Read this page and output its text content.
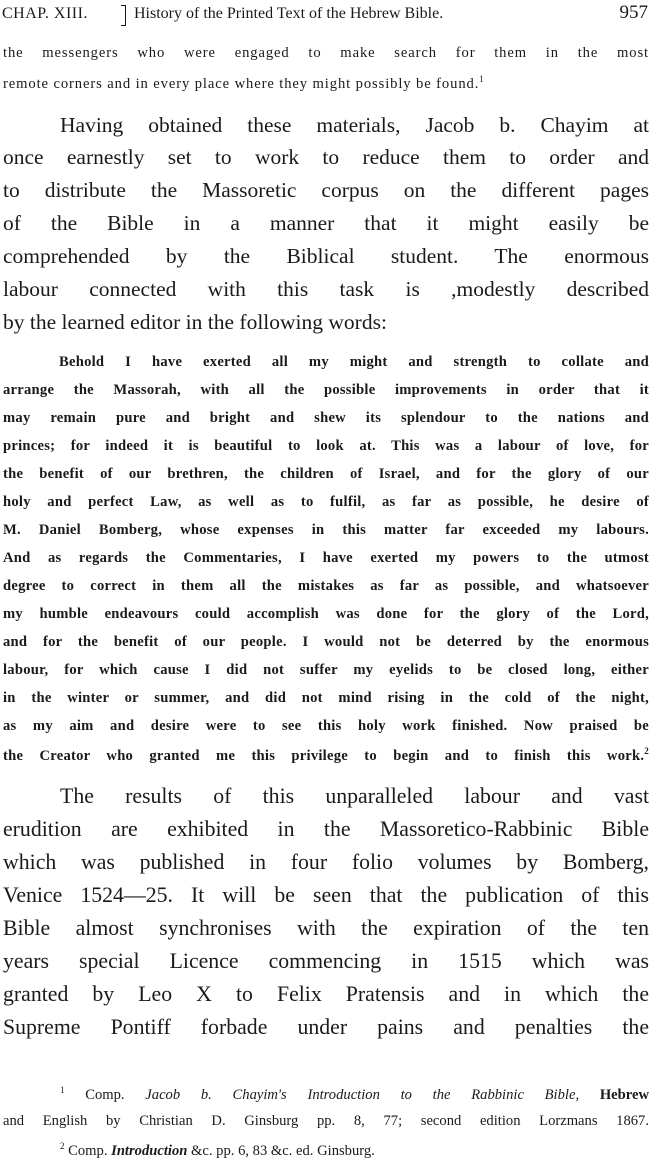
CHAP. XIII.	History of the Printed Text of the Hebrew Bible.	957
the messengers who were engaged to make search for them in the most
remote corners and in every place where they might possibly be found.$^1$
Having obtained these materials, Jacob b. Chayim at
once earnestly set to work to reduce them to order and
to distribute the Massoretic corpus on the different pages
of the Bible in a manner that it might easily be
comprehended by the Biblical student. The enormous
labour connected with this task is ,modestly described
by the learned editor in the following words:
Behold I have exerted all my might and strength to collate and
arrange the Massorah, with all the possible improvements in order that it
may remain pure and bright and shew its splendour to the nations and
princes; for indeed it is beautiful to look at. This was a labour of love, for
the benefit of our brethren, the children of Israel, and for the glory of our
holy and perfect Law, as well as to fulfil, as far as possible, he desire of
M. Daniel Bomberg, whose expenses in this matter far exceeded my labours.
And as regards the Commentaries, I have exerted my powers to the utmost
degree to correct in them all the mistakes as far as possible, and whatsoever
my humble endeavours could accomplish was done for the glory of the Lord,
and for the benefit of our people. I would not be deterred by the enormous
labour, for which cause I did not suffer my eyelids to be closed long, either
in the winter or summer, and did not mind rising in the cold of the night,
as my aim and desire were to see this holy work finished. Now praised be
the Creator who granted me this privilege to begin and to finish this work.$^2$
The results of this unparalleled labour and vast
erudition are exhibited in the Massoretico-Rabbinic Bible
which was published in four folio volumes by Bomberg,
Venice 1524—25. It will be seen that the publication of this
Bible almost synchronises with the expiration of the ten
years special Licence commencing in 1515 which was
granted by Leo X to Felix Pratensis and in which the
Supreme Pontiff forbade under pains and penalties the
$^1$ Comp. Jacob b. Chayim's Introduction to the Rabbinic Bible, Hebrew
and English by Christian D. Ginsburg pp. 8, 77; second edition Lorzmans 1867.
$^2$ Comp. Introduction &c. pp. 6, 83 &c. ed. Ginsburg.
